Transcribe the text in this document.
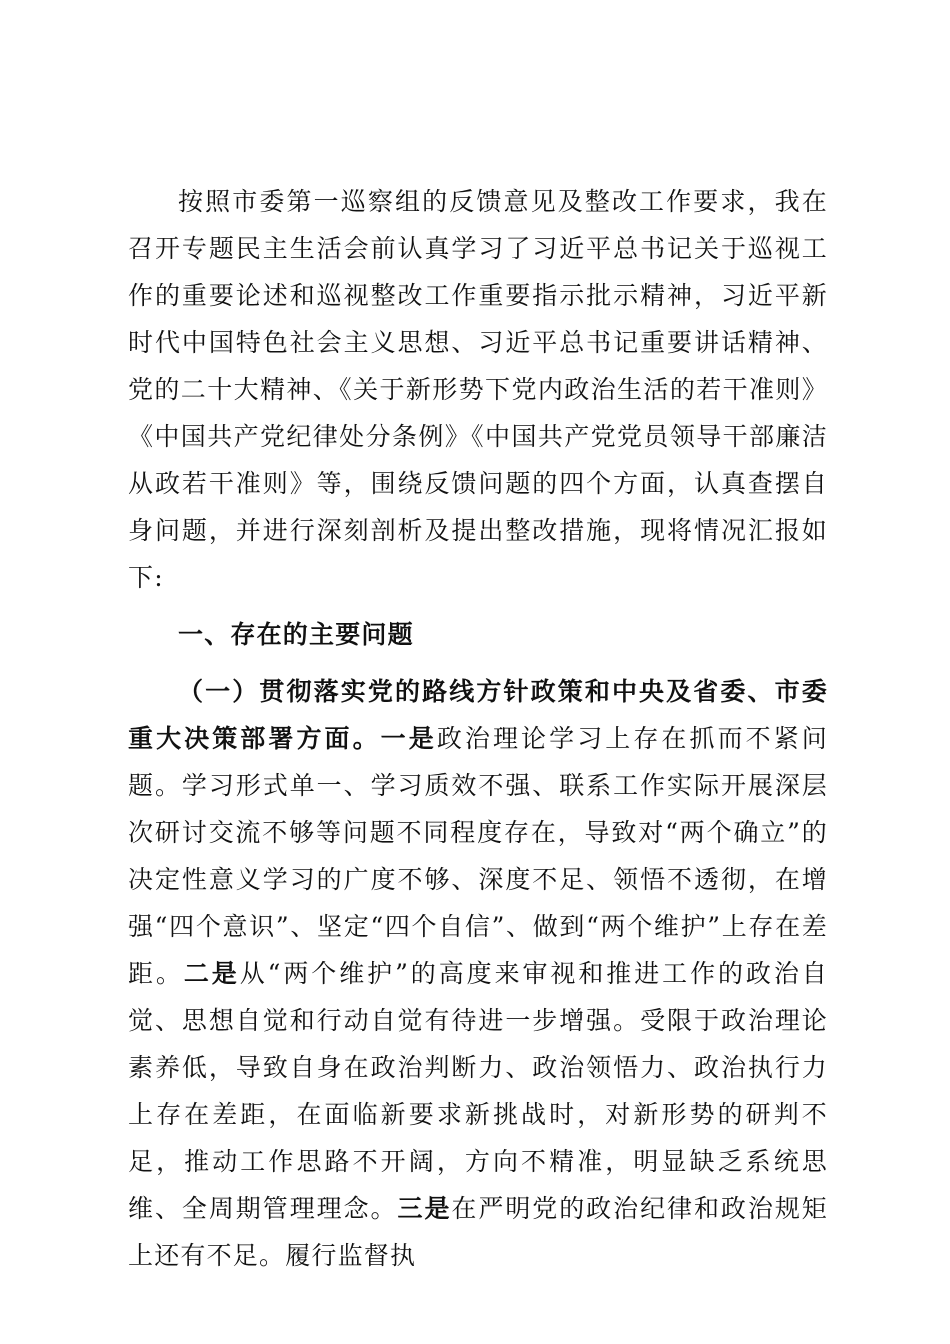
按照市委第一巡察组的反馈意见及整改工作要求，我在召开专题民主生活会前认真学习了习近平总书记关于巡视工作的重要论述和巡视整改工作重要指示批示精神，习近平新时代中国特色社会主义思想、习近平总书记重要讲话精神、党的二十大精神、《关于新形势下党内政治生活的若干准则》《中国共产党纪律处分条例》《中国共产党党员领导干部廉洁从政若干准则》等，围绕反馈问题的四个方面，认真查摆自身问题，并进行深刻剖析及提出整改措施，现将情况汇报如下:

一、存在的主要问题

（一）贯彻落实党的路线方针政策和中央及省委、市委重大决策部署方面。一是政治理论学习上存在抓而不紧问题。学习形式单一、学习质效不强、联系工作实际开展深层次研讨交流不够等问题不同程度存在，导致对“两个确立”的决定性意义学习的广度不够、深度不足、领悟不透彻，在增强“四个意识”、坚定“四个自信”、做到“两个维护”上存在差距。二是从“两个维护”的高度来审视和推进工作的政治自觉、思想自觉和行动自觉有待进一步增强。受限于政治理论素养低，导致自身在政治判断力、政治领悟力、政治执行力上存在差距，在面临新要求新挑战时，对新形势的研判不足，推动工作思路不开阔，方向不精准，明显缺乏系统思维、全周期管理理念。三是在严明党的政治纪律和政治规矩上还有不足。履行监督执
